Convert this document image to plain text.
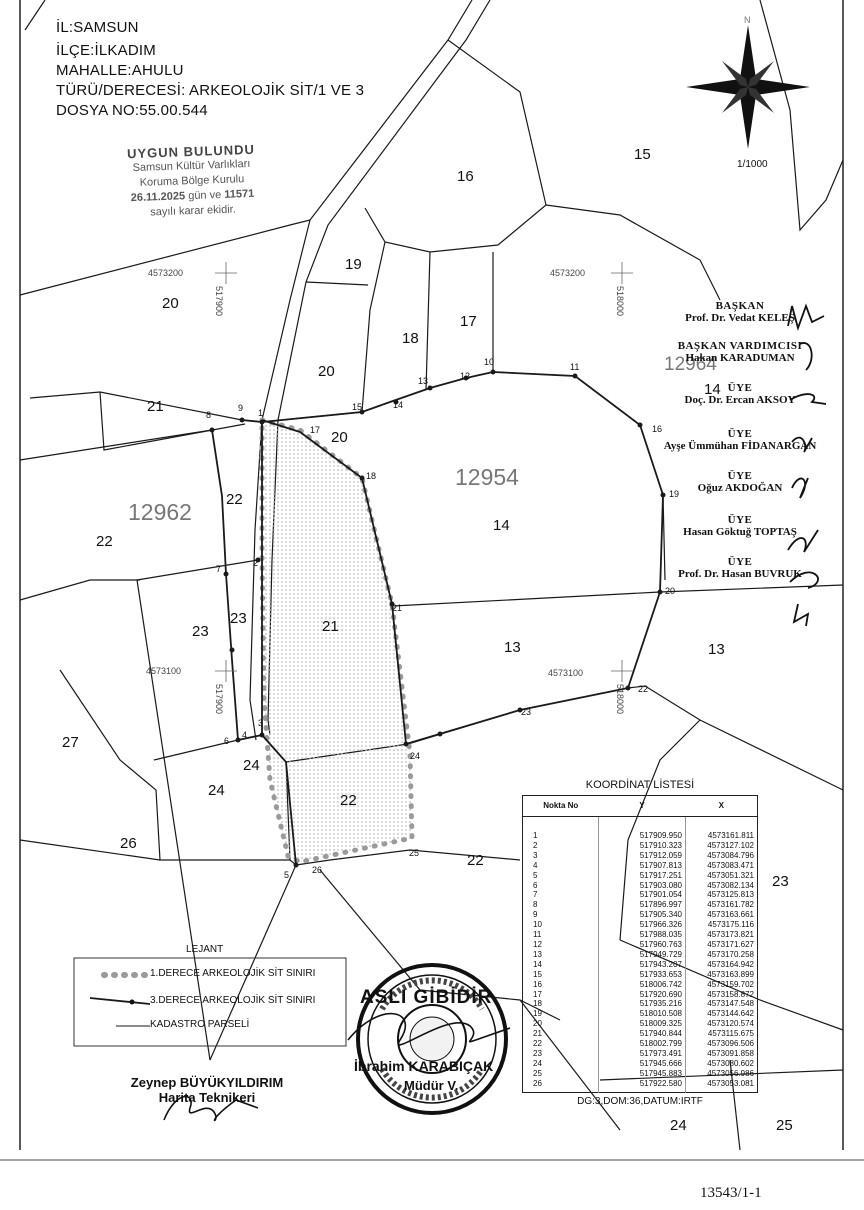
4573200	4573200
4573100	4573100
517900	518000
517900	518000
12954
12962
12964
15
16
19
20
17
18
20
20
21
22
22
14
14
23
23	21
13	13
27
24
24
22
26
22
23
24	25
1
2
3
4
5
6
7
8
9
10	11
12
13
14
15
16
17
18
19
20
21
22
23
24
25
26
N
İL:SAMSUN
İLÇE:İLKADIM
MAHALLE:AHULU
TÜRÜ/DERECESİ: ARKEOLOJİK SİT/1 VE 3
DOSYA NO:55.00.544
UYGUN BULUNDU
Samsun Kültür Varlıkları
Koruma Bölge Kurulu
26.11.2025 gün ve 11571
sayılı karar ekidir.
1/1000
BAŞKAN
Prof. Dr. Vedat KELEŞ
BAŞKAN VARDIMCISI
Hakan KARADUMAN
ÜYE
Doç. Dr. Ercan AKSOY
ÜYE
Ayşe Ümmühan FİDANARGAN
ÜYE
Oğuz AKDOĞAN
ÜYE
Hasan Göktuğ TOPTAŞ
ÜYE
Prof. Dr. Hasan BUVRUK
KOORDİNAT LİSTESİ
Nokta No	Y	X
1	517909.950	4573161.811
2	517910.323	4573127.102
3	517912.059	4573084.796
4	517907.813	4573083.471
5	517917.251	4573051.321
6	517903.080	4573082.134
7	517901.054	4573125.813
8	517896.997	4573161.782
9	517905.340	4573163.661
10	517966.326	4573175.116
11	517988.035	4573173.821
12	517960.763	4573171.627
13	517949.729	4573170.258
14	517943.207	4573164.942
15	517933.653	4573163.899
16	518006.742	4573159.702
17	517920.690	4573158.872
18	517935.216	4573147.548
19	518010.508	4573144.642
20	518009.325	4573120.574
21	517940.844	4573115.675
22	518002.799	4573096.506
23	517973.491	4573091.858
24	517945.666	4573080.602
25	517945.883	4573056.986
26	517922.580	4573053.081
DG:3,DOM:36,DATUM:IRTF
LEJANT
1.DERECE ARKEOLOJİK SİT SINIRI
3.DERECE ARKEOLOJİK SİT SINIRI
KADASTRO PARSELİ
Zeynep BÜYÜKYILDIRIM
Harita Teknikeri
ASLI GİBİDİR
İbrahim KARABIÇAK
Müdür V.
13543/1-1
